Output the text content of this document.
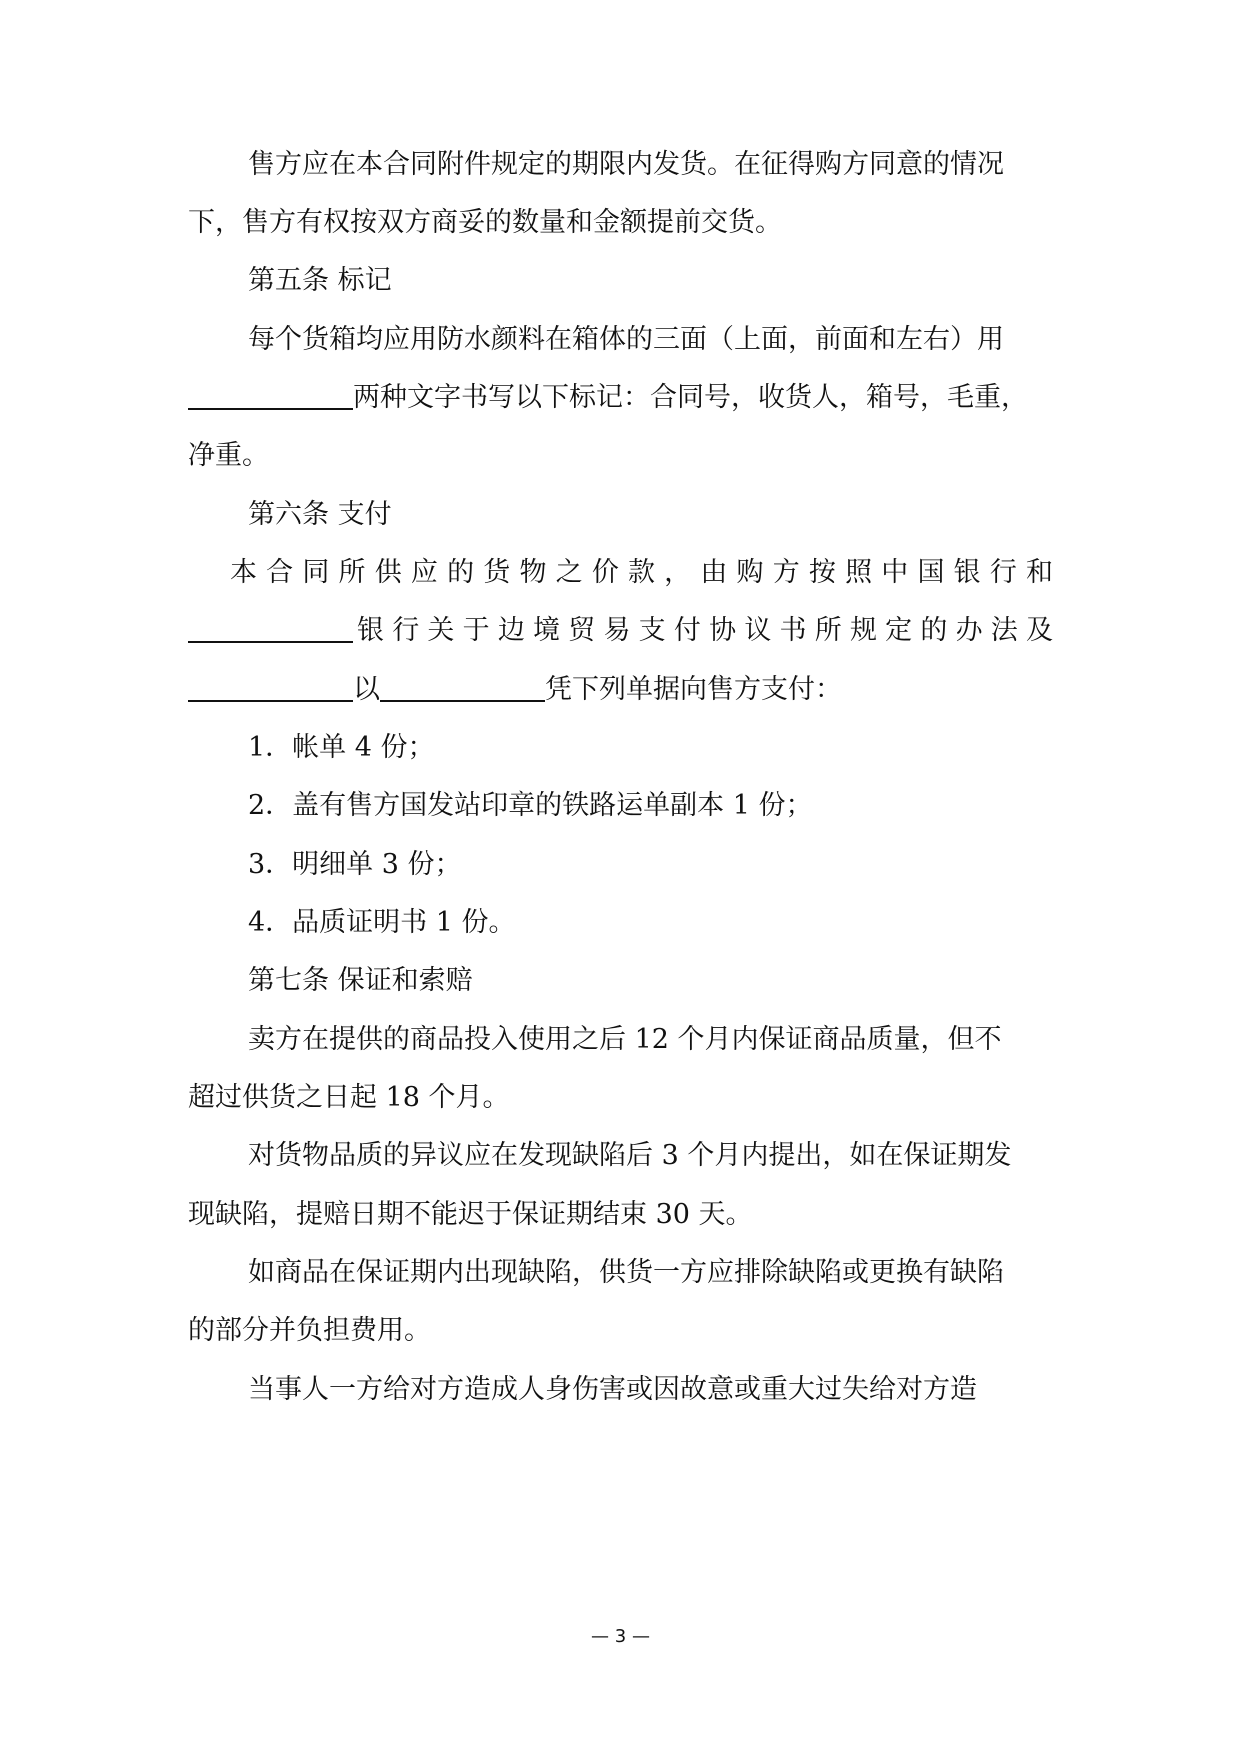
售方应在本合同附件规定的期限内发货。在征得购方同意的情况
下，售方有权按双方商妥的数量和金额提前交货。
第五条 标记
每个货箱均应用防水颜料在箱体的三面（上面，前面和左右）用
两种文字书写以下标记：合同号，收货人，箱号，毛重，
净重。
第六条 支付
本合同所供应的货物之价款，由购方按照中国银行和
银行关于边境贸易支付协议书所规定的办法及
以	凭下列单据向售方支付：
1．帐单 4 份；
2．盖有售方国发站印章的铁路运单副本 1 份；
3．明细单 3 份；
4．品质证明书 1 份。
第七条 保证和索赔
卖方在提供的商品投入使用之后 12 个月内保证商品质量，但不
超过供货之日起 18 个月。
对货物品质的异议应在发现缺陷后 3 个月内提出，如在保证期发
现缺陷，提赔日期不能迟于保证期结束 30 天。
如商品在保证期内出现缺陷，供货一方应排除缺陷或更换有缺陷
的部分并负担费用。
当事人一方给对方造成人身伤害或因故意或重大过失给对方造
— 3 —
